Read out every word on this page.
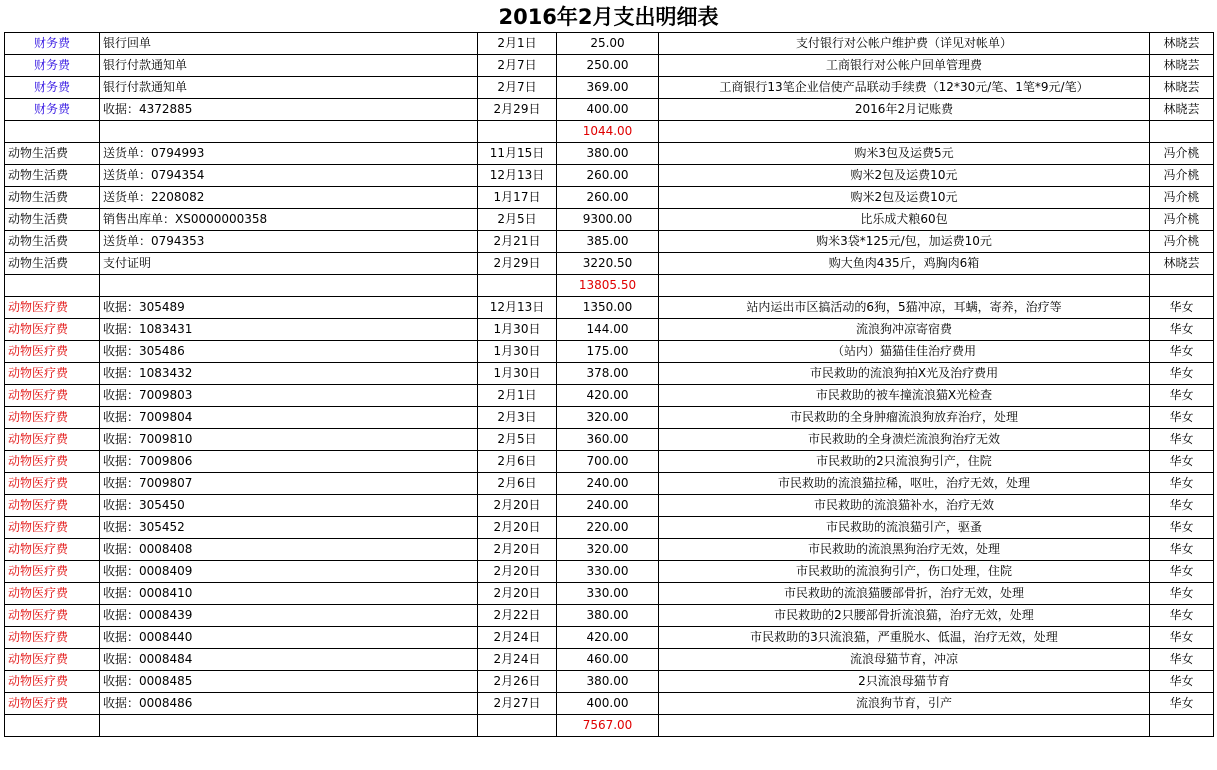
2016年2月支出明细表
财务费	银行回单	2月1日	25.00	支付银行对公帐户维护费（详见对帐单）	林晓芸
财务费	银行付款通知单	2月7日	250.00	工商银行对公帐户回单管理费	林晓芸
财务费	银行付款通知单	2月7日	369.00	工商银行13笔企业信使产品联动手续费（12*30元/笔、1笔*9元/笔）	林晓芸
财务费	收据：4372885	2月29日	400.00	2016年2月记账费	林晓芸
			1044.00		
动物生活费	送货单：0794993	11月15日	380.00	购米3包及运费5元	冯介桃
动物生活费	送货单：0794354	12月13日	260.00	购米2包及运费10元	冯介桃
动物生活费	送货单：2208082	1月17日	260.00	购米2包及运费10元	冯介桃
动物生活费	销售出库单：XS0000000358	2月5日	9300.00	比乐成犬粮60包	冯介桃
动物生活费	送货单：0794353	2月21日	385.00	购米3袋*125元/包，加运费10元	冯介桃
动物生活费	支付证明	2月29日	3220.50	购大鱼肉435斤，鸡胸肉6箱	林晓芸
			13805.50		
动物医疗费	收据：305489	12月13日	1350.00	站内运出市区搞活动的6狗，5猫冲凉，耳螨，寄养，治疗等	华女
动物医疗费	收据：1083431	1月30日	144.00	流浪狗冲凉寄宿费	华女
动物医疗费	收据：305486	1月30日	175.00	（站内）猫猫佳佳治疗费用	华女
动物医疗费	收据：1083432	1月30日	378.00	市民救助的流浪狗拍X光及治疗费用	华女
动物医疗费	收据：7009803	2月1日	420.00	市民救助的被车撞流浪猫X光检查	华女
动物医疗费	收据：7009804	2月3日	320.00	市民救助的全身肿瘤流浪狗放弃治疗，处理	华女
动物医疗费	收据：7009810	2月5日	360.00	市民救助的全身溃烂流浪狗治疗无效	华女
动物医疗费	收据：7009806	2月6日	700.00	市民救助的2只流浪狗引产，住院	华女
动物医疗费	收据：7009807	2月6日	240.00	市民救助的流浪猫拉稀，呕吐，治疗无效，处理	华女
动物医疗费	收据：305450	2月20日	240.00	市民救助的流浪猫补水，治疗无效	华女
动物医疗费	收据：305452	2月20日	220.00	市民救助的流浪猫引产，驱蚤	华女
动物医疗费	收据：0008408	2月20日	320.00	市民救助的流浪黑狗治疗无效，处理	华女
动物医疗费	收据：0008409	2月20日	330.00	市民救助的流浪狗引产，伤口处理，住院	华女
动物医疗费	收据：0008410	2月20日	330.00	市民救助的流浪猫腰部骨折，治疗无效，处理	华女
动物医疗费	收据：0008439	2月22日	380.00	市民救助的2只腰部骨折流浪猫，治疗无效，处理	华女
动物医疗费	收据：0008440	2月24日	420.00	市民救助的3只流浪猫，严重脱水、低温，治疗无效，处理	华女
动物医疗费	收据：0008484	2月24日	460.00	流浪母猫节育，冲凉	华女
动物医疗费	收据：0008485	2月26日	380.00	2只流浪母猫节育	华女
动物医疗费	收据：0008486	2月27日	400.00	流浪狗节育，引产	华女
			7567.00		
